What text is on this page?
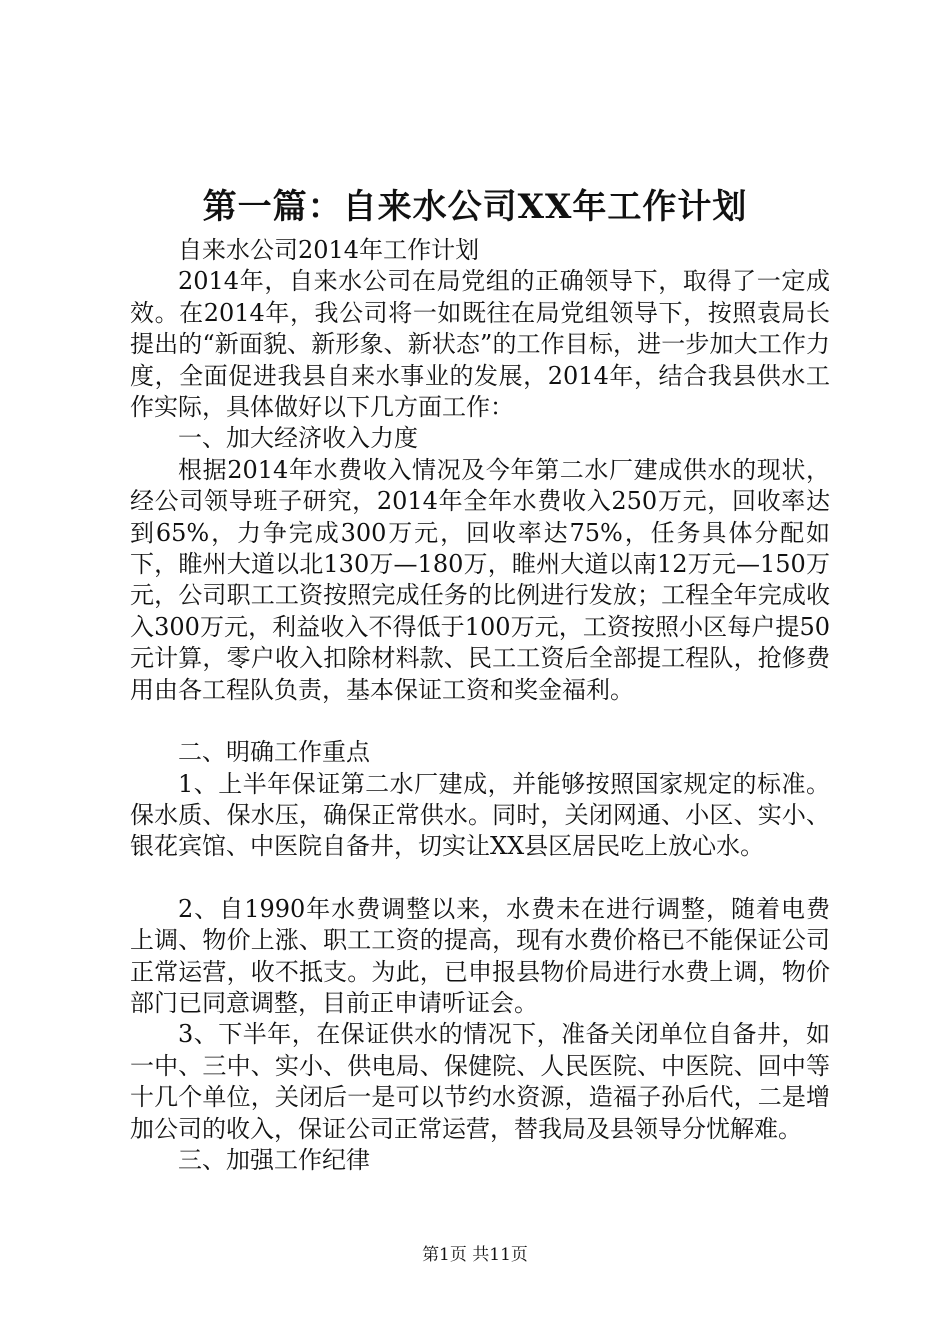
第一篇：自来水公司XX年工作计划

自来水公司2014年工作计划

2014年，自来水公司在局党组的正确领导下，取得了一定成效。在2014年，我公司将一如既往在局党组领导下，按照袁局长提出的“新面貌、新形象、新状态”的工作目标，进一步加大工作力度，全面促进我县自来水事业的发展，2014年，结合我县供水工作实际，具体做好以下几方面工作：

一、加大经济收入力度

根据2014年水费收入情况及今年第二水厂建成供水的现状，经公司领导班子研究，2014年全年水费收入250万元，回收率达到65%，力争完成300万元，回收率达75%，任务具体分配如下，睢州大道以北130万—180万，睢州大道以南12万元—150万元，公司职工工资按照完成任务的比例进行发放；工程全年完成收入300万元，利益收入不得低于100万元，工资按照小区每户提50元计算，零户收入扣除材料款、民工工资后全部提工程队，抢修费用由各工程队负责，基本保证工资和奖金福利。

二、明确工作重点

1、上半年保证第二水厂建成，并能够按照国家规定的标准。保水质、保水压，确保正常供水。同时，关闭网通、小区、实小、银花宾馆、中医院自备井，切实让XX县区居民吃上放心水。

2、自1990年水费调整以来，水费未在进行调整，随着电费上调、物价上涨、职工工资的提高，现有水费价格已不能保证公司正常运营，收不抵支。为此，已申报县物价局进行水费上调，物价部门已同意调整，目前正申请听证会。

3、下半年，在保证供水的情况下，准备关闭单位自备井，如一中、三中、实小、供电局、保健院、人民医院、中医院、回中等十几个单位，关闭后一是可以节约水资源，造福子孙后代，二是增加公司的收入，保证公司正常运营，替我局及县领导分忧解难。

三、加强工作纪律

第1页 共11页
